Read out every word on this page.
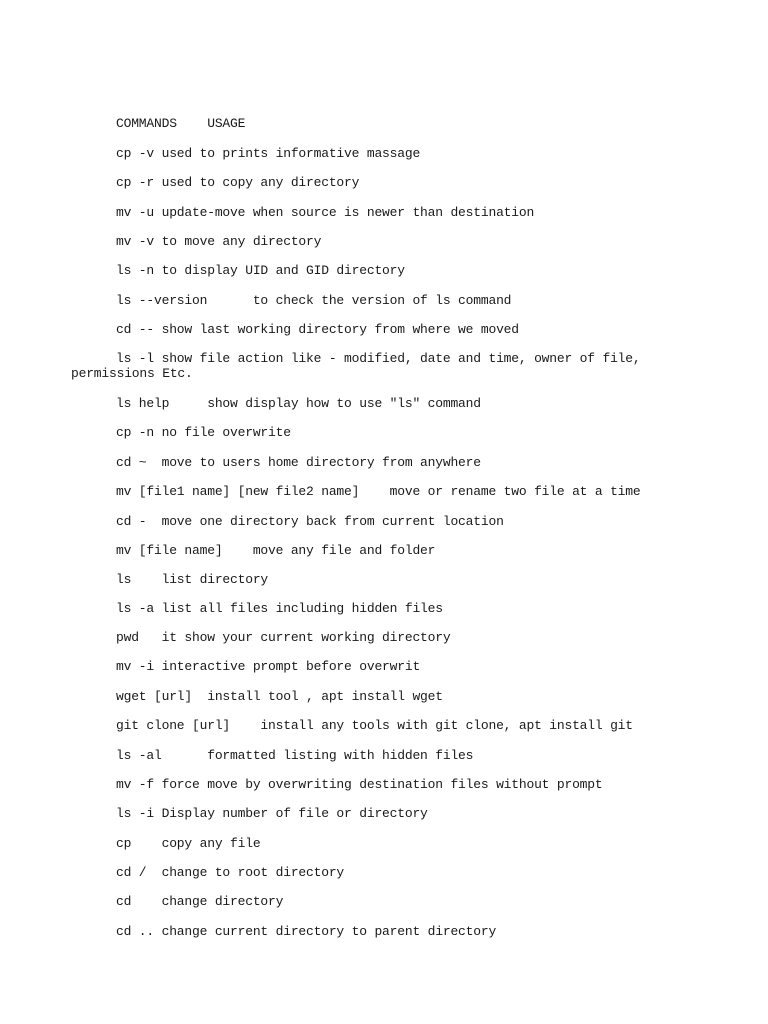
COMMANDS    USAGE
cp -v used to prints informative massage
cp -r used to copy any directory
mv -u update-move when source is newer than destination
mv -v to move any directory
ls -n to display UID and GID directory
ls --version      to check the version of ls command
cd -- show last working directory from where we moved
ls -l show file action like - modified, date and time, owner of file,
permissions Etc.
ls help     show display how to use "ls" command
cp -n no file overwrite
cd ~  move to users home directory from anywhere
mv [file1 name] [new file2 name]    move or rename two file at a time
cd -  move one directory back from current location
mv [file name]    move any file and folder
ls    list directory
ls -a list all files including hidden files
pwd   it show your current working directory
mv -i interactive prompt before overwrit
wget [url]  install tool , apt install wget
git clone [url]    install any tools with git clone, apt install git
ls -al      formatted listing with hidden files
mv -f force move by overwriting destination files without prompt
ls -i Display number of file or directory
cp    copy any file
cd /  change to root directory
cd    change directory
cd .. change current directory to parent directory
